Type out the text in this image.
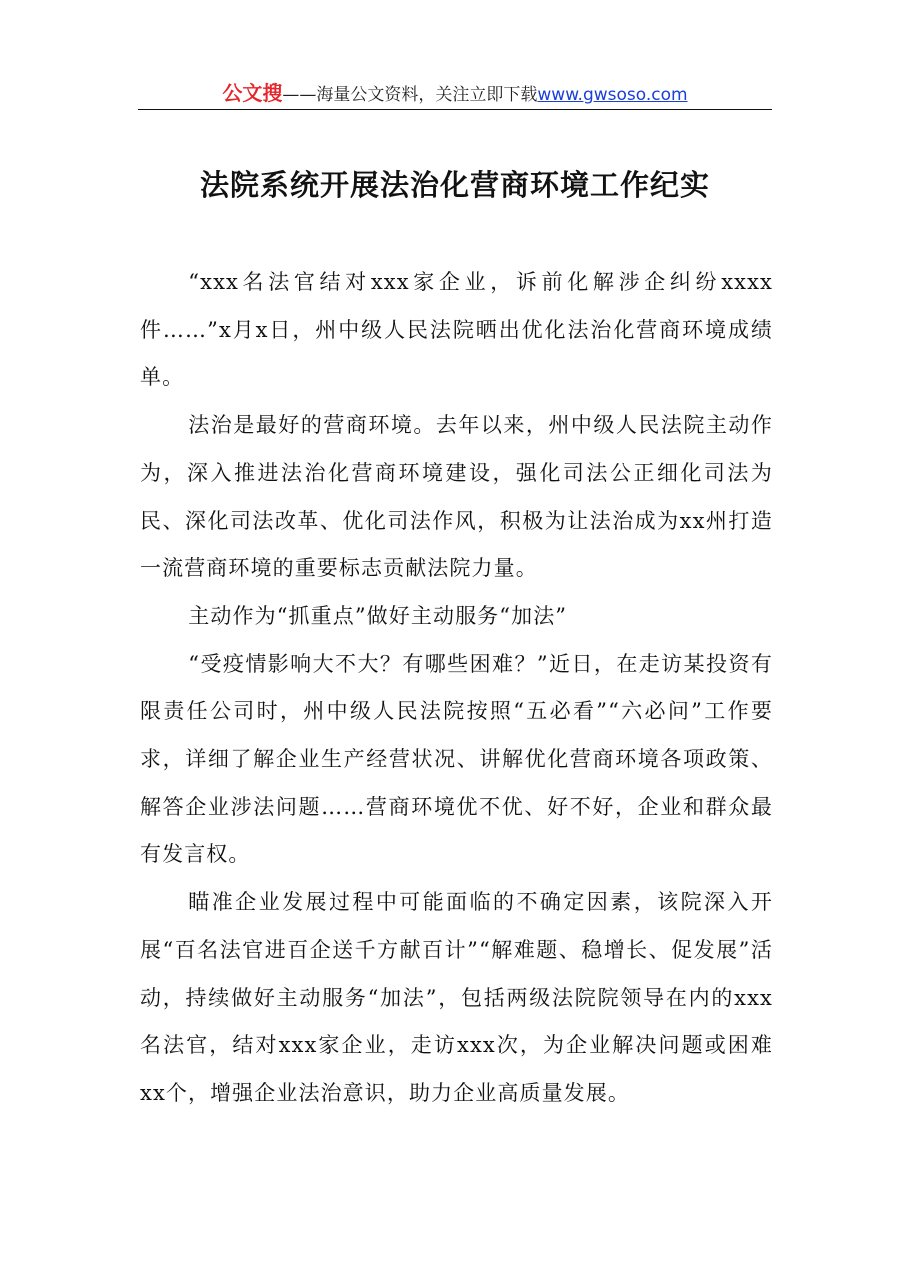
公文搜——海量公文资料，关注立即下载www.gwsoso.com
法院系统开展法治化营商环境工作纪实

“xxx名法官结对xxx家企业，诉前化解涉企纠纷xxxx件……”x月x日，州中级人民法院晒出优化法治化营商环境成绩单。

法治是最好的营商环境。去年以来，州中级人民法院主动作为，深入推进法治化营商环境建设，强化司法公正细化司法为民、深化司法改革、优化司法作风，积极为让法治成为xx州打造一流营商环境的重要标志贡献法院力量。

主动作为“抓重点”做好主动服务“加法”

“受疫情影响大不大？有哪些困难？”近日，在走访某投资有限责任公司时，州中级人民法院按照“五必看”“六必问”工作要求，详细了解企业生产经营状况、讲解优化营商环境各项政策、解答企业涉法问题……营商环境优不优、好不好，企业和群众最有发言权。

瞄准企业发展过程中可能面临的不确定因素，该院深入开展“百名法官进百企送千方献百计”“解难题、稳增长、促发展”活动，持续做好主动服务“加法”，包括两级法院院领导在内的xxx名法官，结对xxx家企业，走访xxx次，为企业解决问题或困难xx个，增强企业法治意识，助力企业高质量发展。
